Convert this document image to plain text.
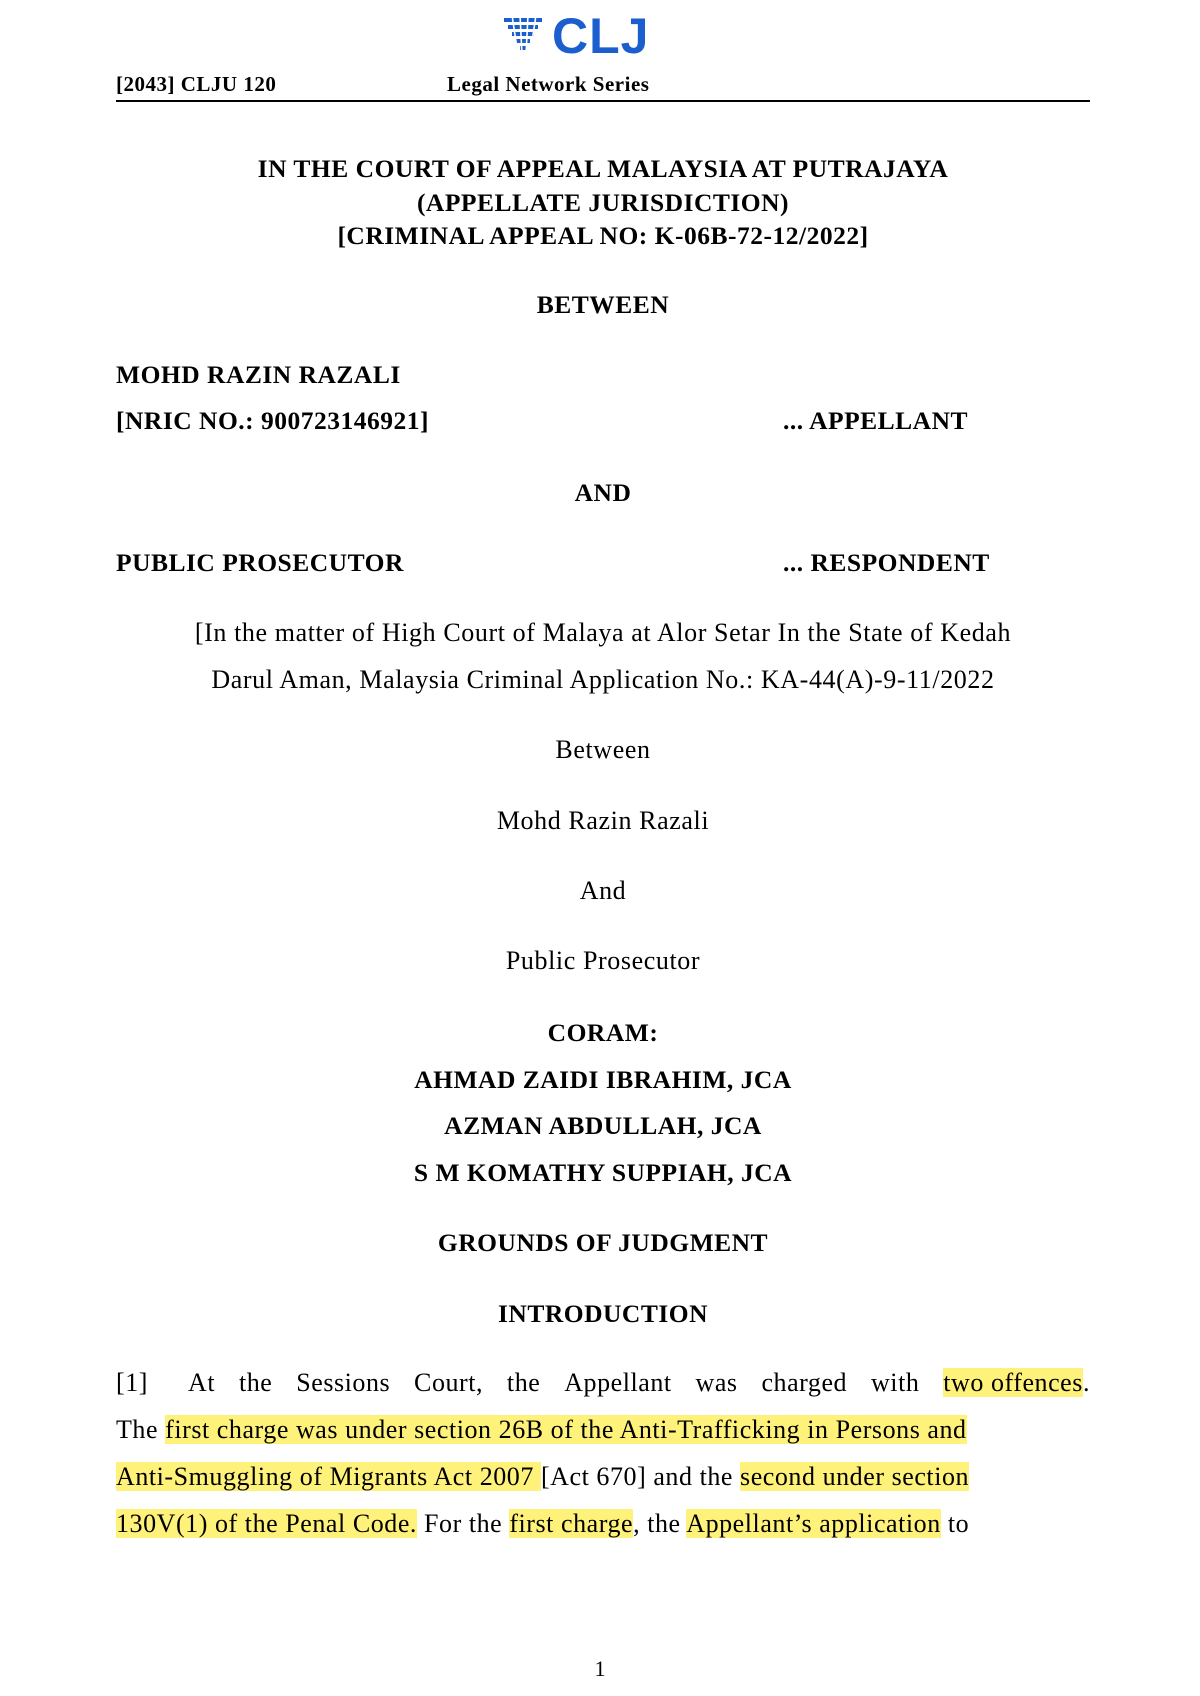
CLJ
[2043] CLJU 120	Legal Network Series
IN THE COURT OF APPEAL MALAYSIA AT PUTRAJAYA
(APPELLATE JURISDICTION)
[CRIMINAL APPEAL NO: K-06B-72-12/2022]
BETWEEN
MOHD RAZIN RAZALI
[NRIC NO.: 900723146921]	... APPELLANT
AND
PUBLIC PROSECUTOR	... RESPONDENT
[In the matter of High Court of Malaya at Alor Setar In the State of Kedah
Darul Aman, Malaysia Criminal Application No.: KA-44(A)-9-11/2022
Between
Mohd Razin Razali
And
Public Prosecutor
CORAM:
AHMAD ZAIDI IBRAHIM, JCA
AZMAN ABDULLAH, JCA
S M KOMATHY SUPPIAH, JCA
GROUNDS OF JUDGMENT
INTRODUCTION
[1] At the Sessions Court, the Appellant was charged with two offences.
The first charge was under section 26B of the Anti-Trafficking in Persons and
Anti-Smuggling of Migrants Act 2007 [Act 670] and the second under section
130V(1) of the Penal Code. For the first charge, the Appellant’s application to
1
